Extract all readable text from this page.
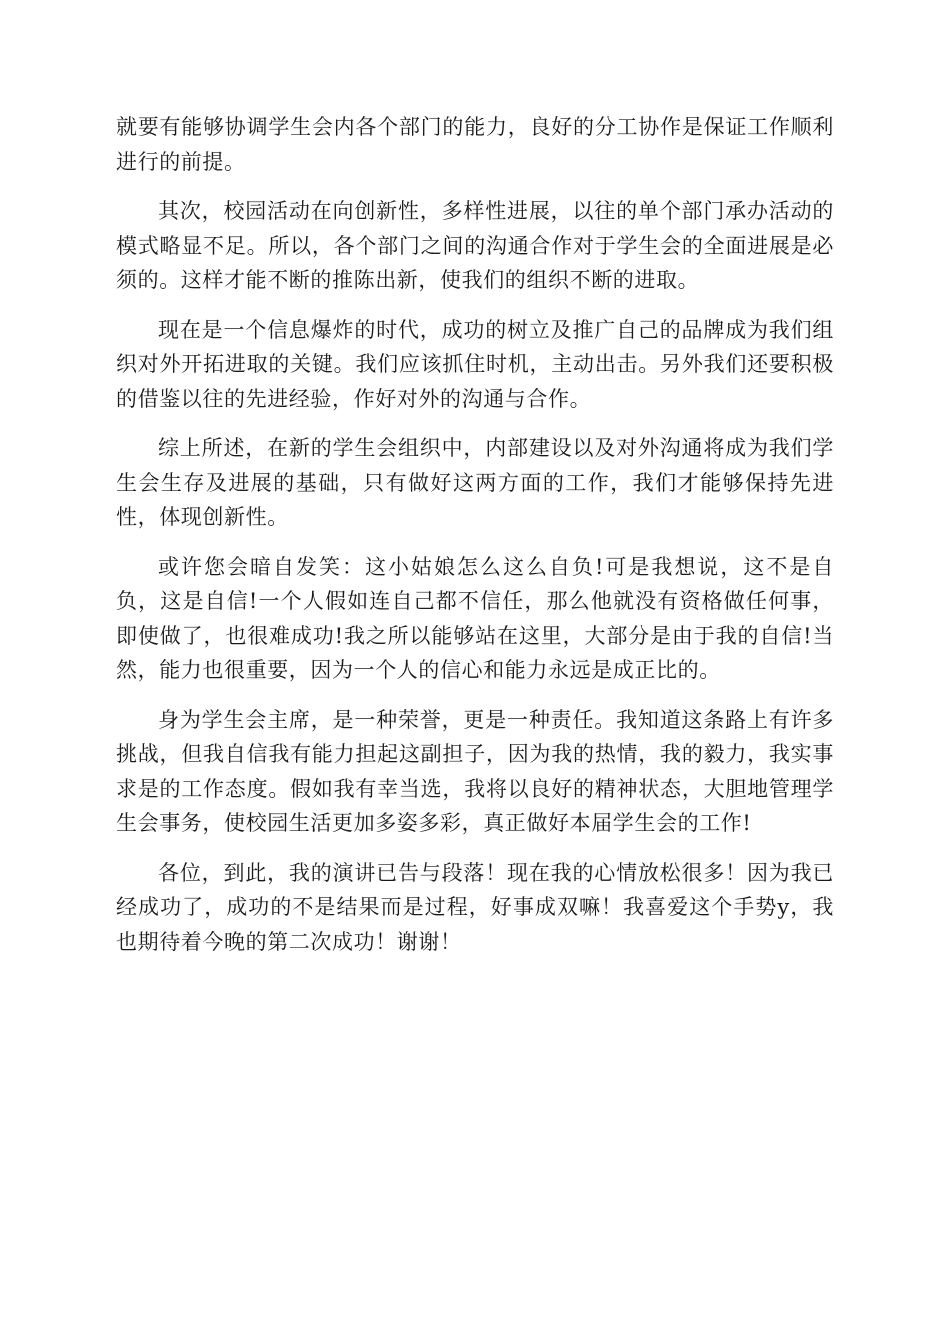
就要有能够协调学生会内各个部门的能力，良好的分工协作是保证工作顺利进行的前提。

其次，校园活动在向创新性，多样性进展，以往的单个部门承办活动的模式略显不足。所以，各个部门之间的沟通合作对于学生会的全面进展是必须的。这样才能不断的推陈出新，使我们的组织不断的进取。

现在是一个信息爆炸的时代，成功的树立及推广自己的品牌成为我们组织对外开拓进取的关键。我们应该抓住时机，主动出击。另外我们还要积极的借鉴以往的先进经验，作好对外的沟通与合作。

综上所述，在新的学生会组织中，内部建设以及对外沟通将成为我们学生会生存及进展的基础，只有做好这两方面的工作，我们才能够保持先进性，体现创新性。

或许您会暗自发笑：这小姑娘怎么这么自负!可是我想说，这不是自负，这是自信!一个人假如连自己都不信任，那么他就没有资格做任何事，即使做了，也很难成功!我之所以能够站在这里，大部分是由于我的自信!当然，能力也很重要，因为一个人的信心和能力永远是成正比的。

身为学生会主席，是一种荣誉，更是一种责任。我知道这条路上有许多挑战，但我自信我有能力担起这副担子，因为我的热情，我的毅力，我实事求是的工作态度。假如我有幸当选，我将以良好的精神状态，大胆地管理学生会事务，使校园生活更加多姿多彩，真正做好本届学生会的工作!

各位，到此，我的演讲已告与段落！现在我的心情放松很多！因为我已经成功了，成功的不是结果而是过程，好事成双嘛！我喜爱这个手势y，我也期待着今晚的第二次成功！谢谢！
